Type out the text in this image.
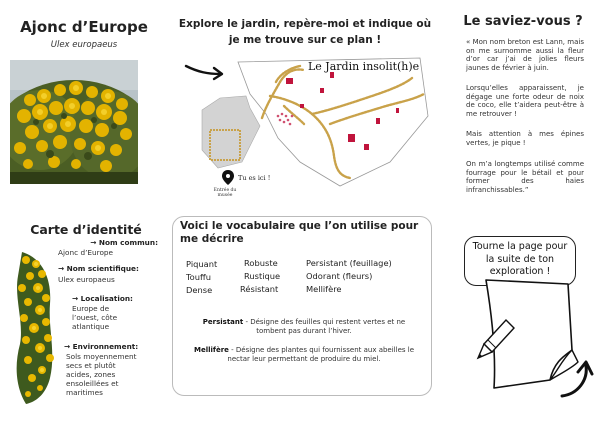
Ajonc d’Europe
Ulex europaeus
Explore le jardin, repère-moi et indique où je me trouve sur ce plan !
Le Jardin insolit(h)e
Tu es ici !
Entrée du musée
Le saviez-vous ?
« Mon nom breton est Lann, mais on me surnomme aussi la fleur d’or car j’ai de jolies fleurs jaunes de février à juin.
Lorsqu’elles apparaissent, je dégage une forte odeur de noix de coco, elle t’aidera peut-être à me retrouver !
Mais attention à mes épines vertes, je pique !
On m’a longtemps utilisé comme fourrage pour le bétail et pour former des haies infranchissables.”
Carte d’identité
→ Nom commun:
Ajonc d’Europe
→ Nom scientifique:
Ulex europaeus
→ Localisation:
Europe de l’ouest, côte atlantique
→ Environnement:
Sols moyennement secs et plutôt acides, zones ensoleillées et maritimes
Voici le vocabulaire que l’on utilise pour me décrire
Piquant
Touffu
Dense
Robuste
Rustique
Résistant
Persistant (feuillage)
Odorant (fleurs)
Mellifère
Persistant - Désigne des feuilles qui restent vertes et ne tombent pas durant l’hiver.
Mellifère - Désigne des plantes qui fournissent aux abeilles le nectar leur permettant de produire du miel.
Tourne la page pour la suite de ton exploration !
